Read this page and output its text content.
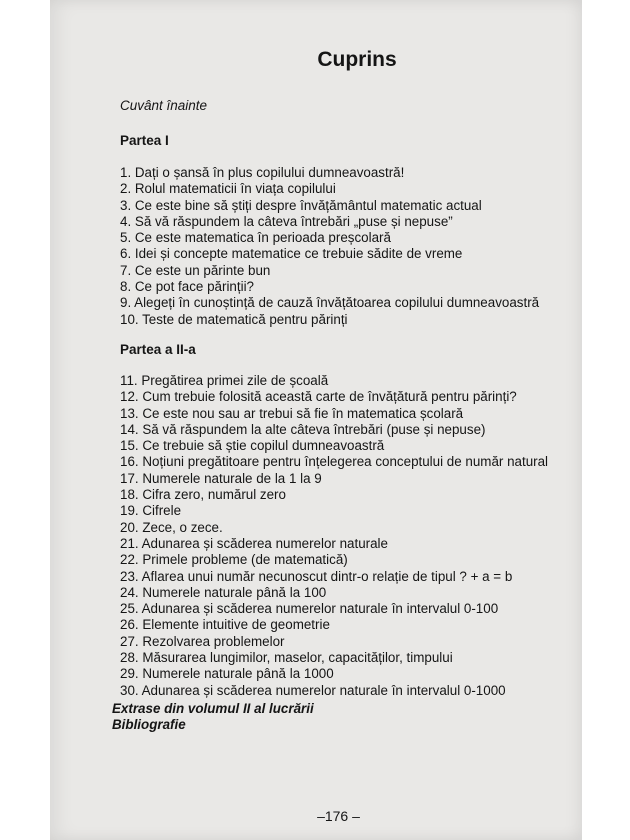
Cuprins
Cuvânt înainte
Partea I
1. Dați o șansă în plus copilului dumneavoastră!
2. Rolul matematicii în viața copilului
3. Ce este bine să știți despre învățământul matematic actual
4. Să vă răspundem la câteva întrebări „puse și nepuse”
5. Ce este matematica în perioada preșcolară
6. Idei și concepte matematice ce trebuie sădite de vreme
7. Ce este un părinte bun
8. Ce pot face părinții?
9. Alegeți în cunoștință de cauză învățătoarea copilului dumneavoastră
10. Teste de matematică pentru părinți
Partea a II-a
11. Pregătirea primei zile de școală
12. Cum trebuie folosită această carte de învățătură pentru părinți?
13. Ce este nou sau ar trebui să fie în matematica școlară
14. Să vă răspundem la alte câteva întrebări (puse și nepuse)
15. Ce trebuie să știe copilul dumneavoastră
16. Noțiuni pregătitoare pentru înțelegerea conceptului de număr natural
17. Numerele naturale de la 1 la 9
18. Cifra zero, numărul zero
19. Cifrele
20. Zece, o zece.
21. Adunarea și scăderea numerelor naturale
22. Primele probleme (de matematică)
23. Aflarea unui număr necunoscut dintr-o relație de tipul ? + a = b
24. Numerele naturale până la 100
25. Adunarea și scăderea numerelor naturale în intervalul 0-100
26. Elemente intuitive de geometrie
27. Rezolvarea problemelor
28. Măsurarea lungimilor, maselor, capacităților, timpului
29. Numerele naturale până la 1000
30. Adunarea și scăderea numerelor naturale în intervalul 0-1000
Extrase din volumul II al lucrării
Bibliografie
–176 –
